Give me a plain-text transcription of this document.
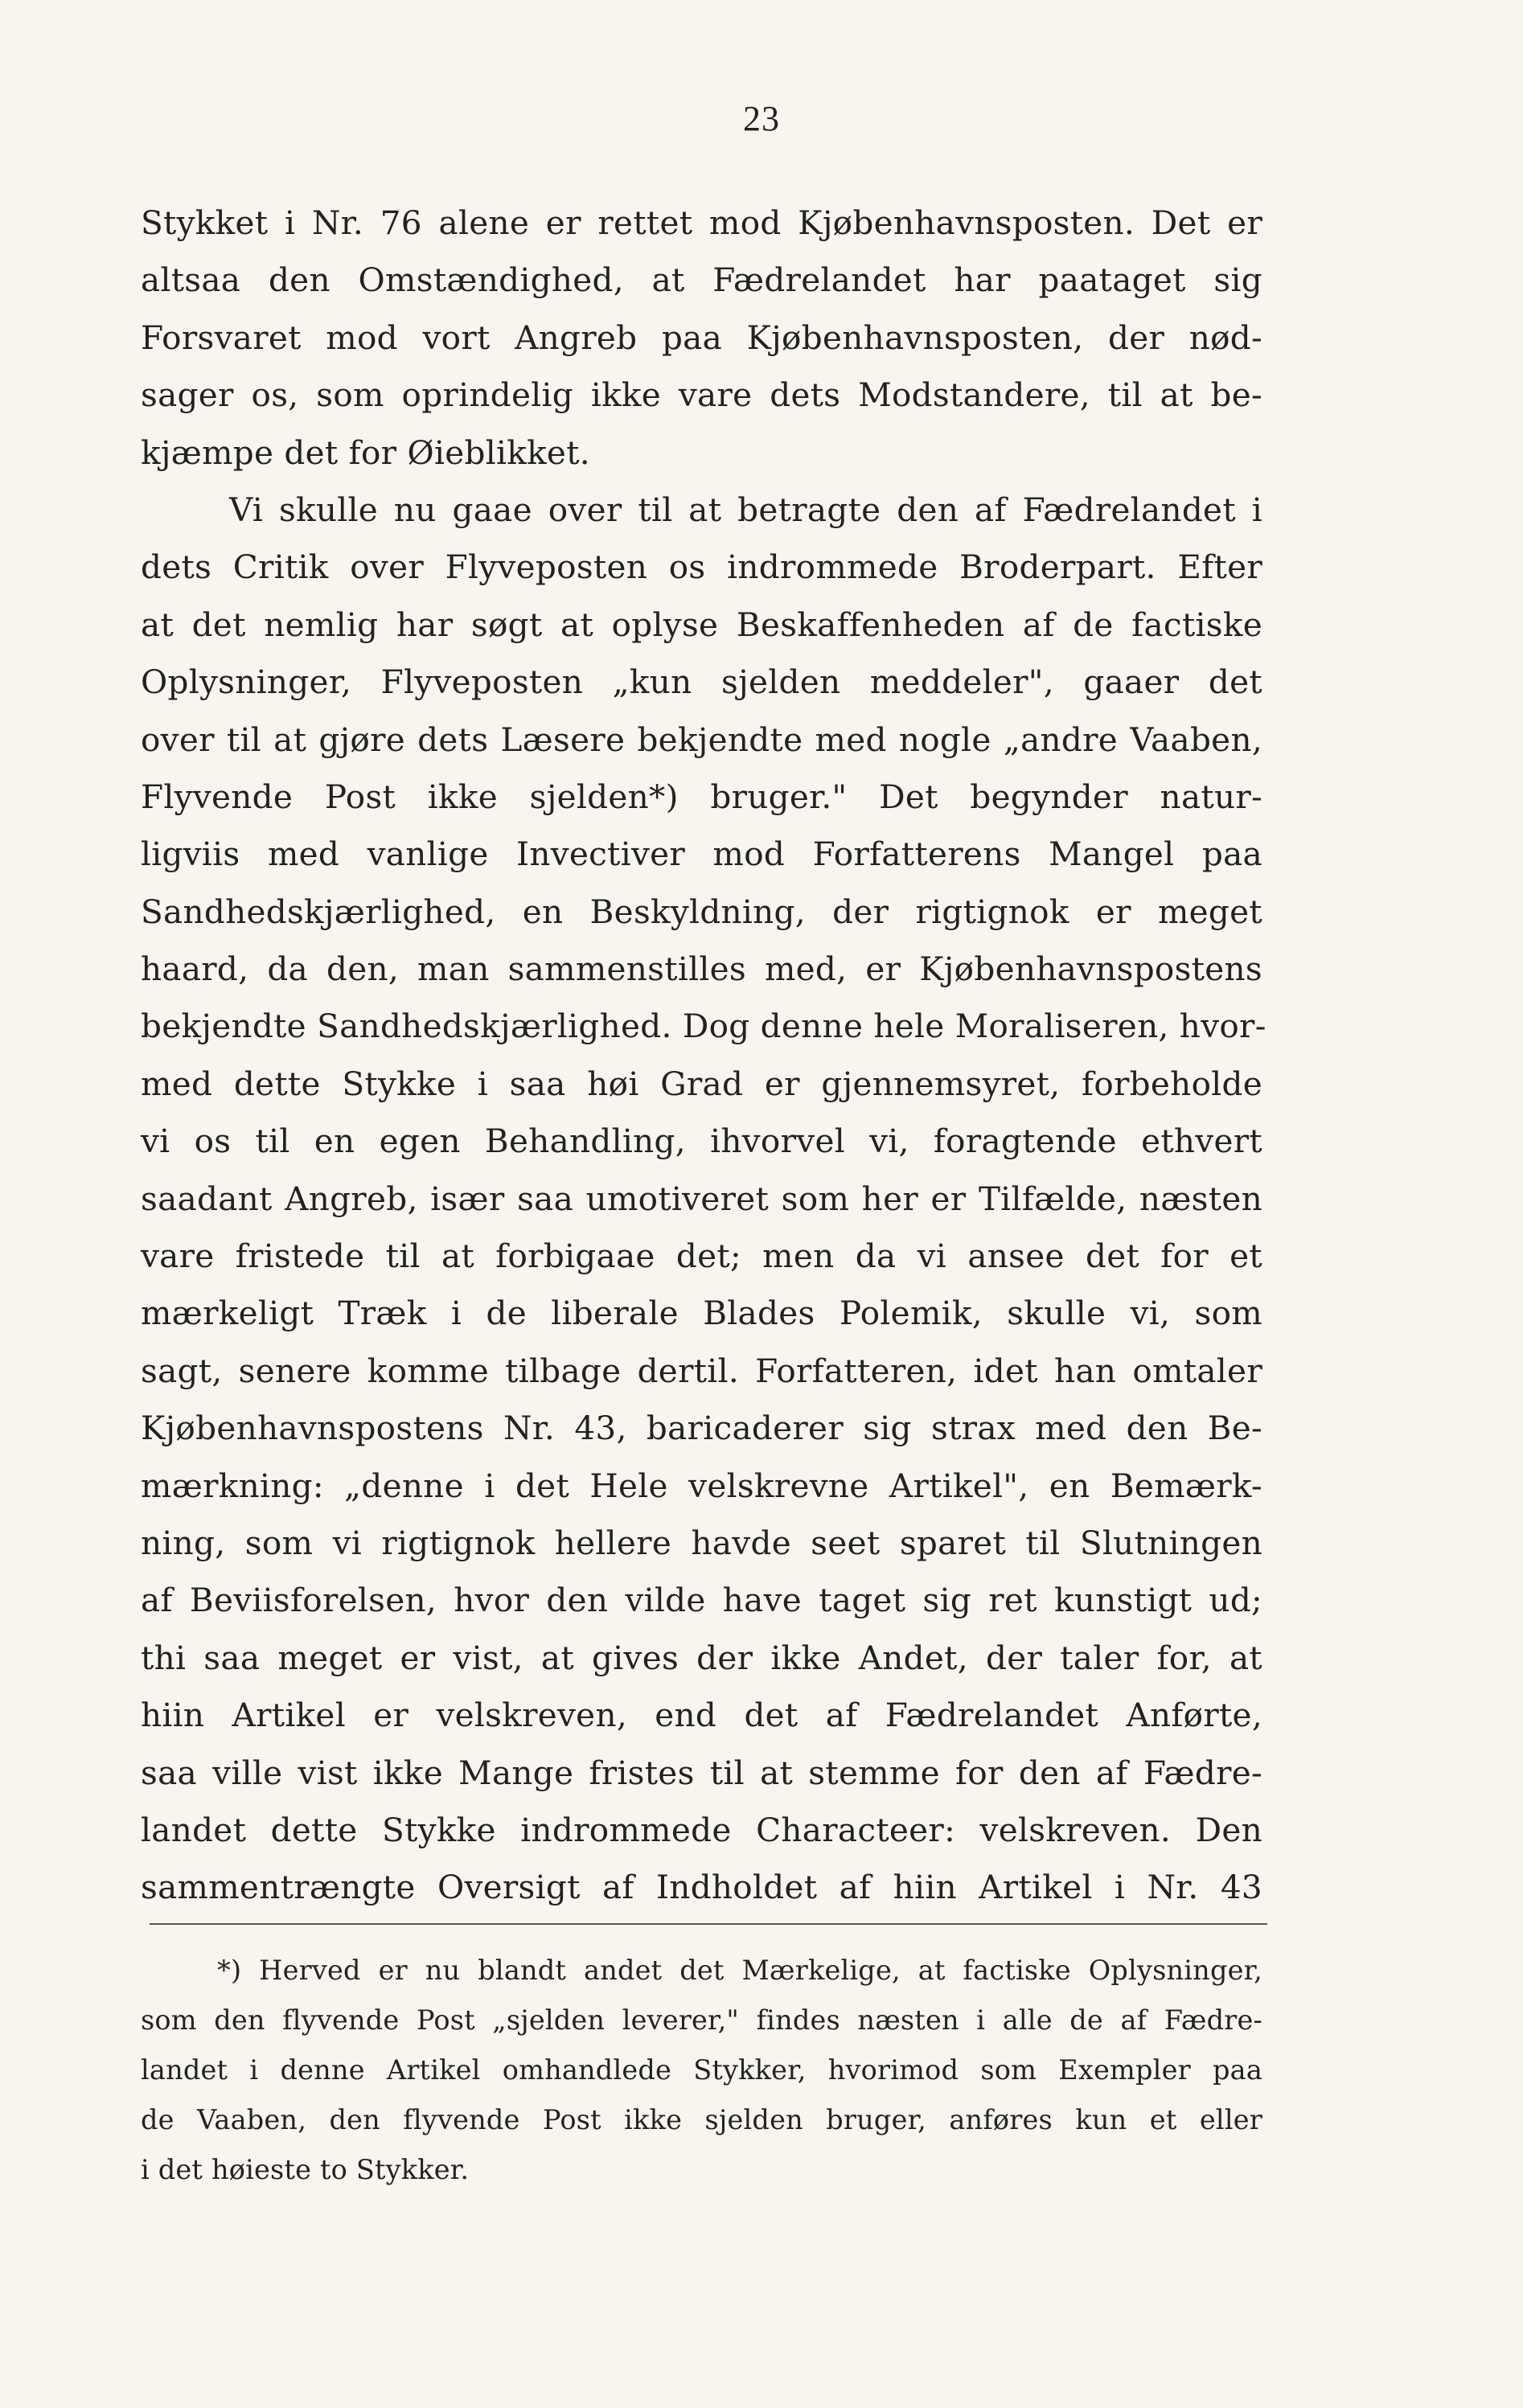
23
Stykket i Nr. 76 alene er rettet mod Kjøbenhavnsposten. Det er
altsaa den Omstændighed, at Fædrelandet har paataget sig
Forsvaret mod vort Angreb paa Kjøbenhavnsposten, der nød-
sager os, som oprindelig ikke vare dets Modstandere, til at be-
kjæmpe det for Øieblikket.
Vi skulle nu gaae over til at betragte den af Fædrelandet i
dets Critik over Flyveposten os indrommede Broderpart. Efter
at det nemlig har søgt at oplyse Beskaffenheden af de factiske
Oplysninger, Flyveposten „kun sjelden meddeler", gaaer det
over til at gjøre dets Læsere bekjendte med nogle „andre Vaaben,
Flyvende Post ikke sjelden*) bruger." Det begynder natur-
ligviis med vanlige Invectiver mod Forfatterens Mangel paa
Sandhedskjærlighed, en Beskyldning, der rigtignok er meget
haard, da den, man sammenstilles med, er Kjøbenhavnspostens
bekjendte Sandhedskjærlighed. Dog denne hele Moraliseren, hvor-
med dette Stykke i saa høi Grad er gjennemsyret, forbeholde
vi os til en egen Behandling, ihvorvel vi, foragtende ethvert
saadant Angreb, især saa umotiveret som her er Tilfælde, næsten
vare fristede til at forbigaae det; men da vi ansee det for et
mærkeligt Træk i de liberale Blades Polemik, skulle vi, som
sagt, senere komme tilbage dertil. Forfatteren, idet han omtaler
Kjøbenhavnspostens Nr. 43, baricaderer sig strax med den Be-
mærkning: „denne i det Hele velskrevne Artikel", en Bemærk-
ning, som vi rigtignok hellere havde seet sparet til Slutningen
af Beviisforelsen, hvor den vilde have taget sig ret kunstigt ud;
thi saa meget er vist, at gives der ikke Andet, der taler for, at
hiin Artikel er velskreven, end det af Fædrelandet Anførte,
saa ville vist ikke Mange fristes til at stemme for den af Fædre-
landet dette Stykke indrommede Characteer: velskreven. Den
sammentrængte Oversigt af Indholdet af hiin Artikel i Nr. 43
*) Herved er nu blandt andet det Mærkelige, at factiske Oplysninger,
som den flyvende Post „sjelden leverer," findes næsten i alle de af Fædre-
landet i denne Artikel omhandlede Stykker, hvorimod som Exempler paa
de Vaaben, den flyvende Post ikke sjelden bruger, anføres kun et eller
i det høieste to Stykker.
